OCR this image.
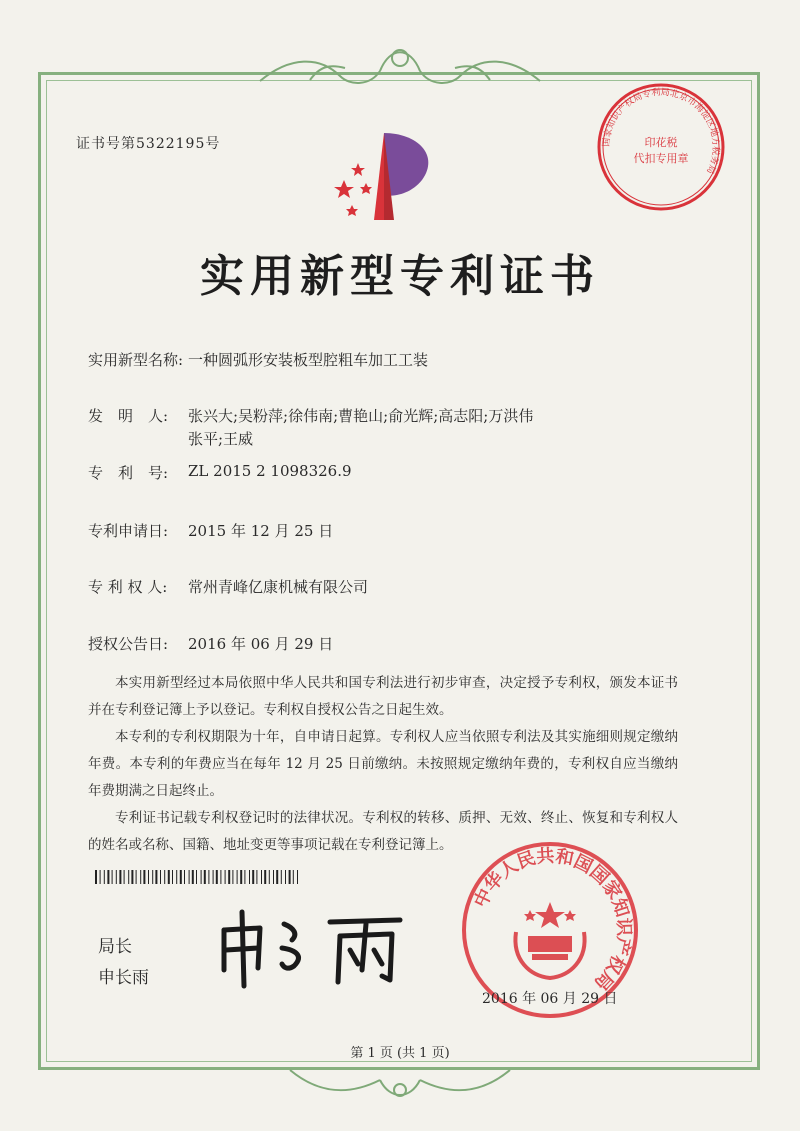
证书号第5322195号	国家知识产权局专利局北京市海淀区地方税务局
印花税
代扣专用章
实用新型专利证书
实用新型名称: 一种圆弧形安装板型腔粗车加工工装
发　明　人: 张兴大;吴粉萍;徐伟南;曹艳山;俞光辉;高志阳;万洪伟
张平;王威
专　利　号: ZL 2015 2 1098326.9
专利申请日: 2015 年 12 月 25 日
专 利 权 人: 常州青峰亿康机械有限公司
授权公告日: 2016 年 06 月 29 日

本实用新型经过本局依照中华人民共和国专利法进行初步审查，决定授予专利权，颁发本证书并在专利登记簿上予以登记。专利权自授权公告之日起生效。

本专利的专利权期限为十年，自申请日起算。专利权人应当依照专利法及其实施细则规定缴纳年费。本专利的年费应当在每年 12 月 25 日前缴纳。未按照规定缴纳年费的，专利权自应当缴纳年费期满之日起终止。

专利证书记载专利权登记时的法律状况。专利权的转移、质押、无效、终止、恢复和专利权人的姓名或名称、国籍、地址变更等事项记载在专利登记簿上。

局长
申长雨
中华人民共和国国家知识产权局
2016 年 06 月 29 日
第 1 页 (共 1 页)
